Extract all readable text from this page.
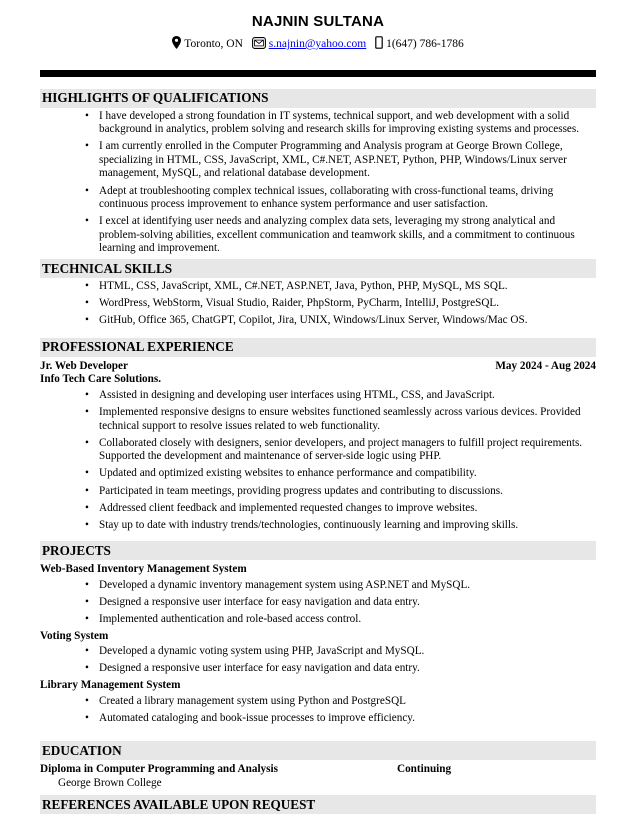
NAJNIN SULTANA
Toronto, ON s.najnin@yahoo.com 1(647) 786-1786
HIGHLIGHTS OF QUALIFICATIONS
• I have developed a strong foundation in IT systems, technical support, and web development with a solid background in analytics, problem solving and research skills for improving existing systems and processes.
• I am currently enrolled in the Computer Programming and Analysis program at George Brown College, specializing in HTML, CSS, JavaScript, XML, C#.NET, ASP.NET, Python, PHP, Windows/Linux server management, MySQL, and relational database development.
• Adept at troubleshooting complex technical issues, collaborating with cross-functional teams, driving continuous process improvement to enhance system performance and user satisfaction.
• I excel at identifying user needs and analyzing complex data sets, leveraging my strong analytical and problem-solving abilities, excellent communication and teamwork skills, and a commitment to continuous learning and improvement.
TECHNICAL SKILLS
• HTML, CSS, JavaScript, XML, C#.NET, ASP.NET, Java, Python, PHP, MySQL, MS SQL.
• WordPress, WebStorm, Visual Studio, Raider, PhpStorm, PyCharm, IntelliJ, PostgreSQL.
• GitHub, Office 365, ChatGPT, Copilot, Jira, UNIX, Windows/Linux Server, Windows/Mac OS.
PROFESSIONAL EXPERIENCE
Jr. Web Developer	May 2024 - Aug 2024
Info Tech Care Solutions.
• Assisted in designing and developing user interfaces using HTML, CSS, and JavaScript.
• Implemented responsive designs to ensure websites functioned seamlessly across various devices. Provided technical support to resolve issues related to web functionality.
• Collaborated closely with designers, senior developers, and project managers to fulfill project requirements. Supported the development and maintenance of server-side logic using PHP.
• Updated and optimized existing websites to enhance performance and compatibility.
• Participated in team meetings, providing progress updates and contributing to discussions.
• Addressed client feedback and implemented requested changes to improve websites.
• Stay up to date with industry trends/technologies, continuously learning and improving skills.
PROJECTS
Web-Based Inventory Management System
• Developed a dynamic inventory management system using ASP.NET and MySQL.
• Designed a responsive user interface for easy navigation and data entry.
• Implemented authentication and role-based access control.
Voting System
• Developed a dynamic voting system using PHP, JavaScript and MySQL.
• Designed a responsive user interface for easy navigation and data entry.
Library Management System
• Created a library management system using Python and PostgreSQL
• Automated cataloging and book-issue processes to improve efficiency.
EDUCATION
Diploma in Computer Programming and Analysis	Continuing
George Brown College
REFERENCES AVAILABLE UPON REQUEST
